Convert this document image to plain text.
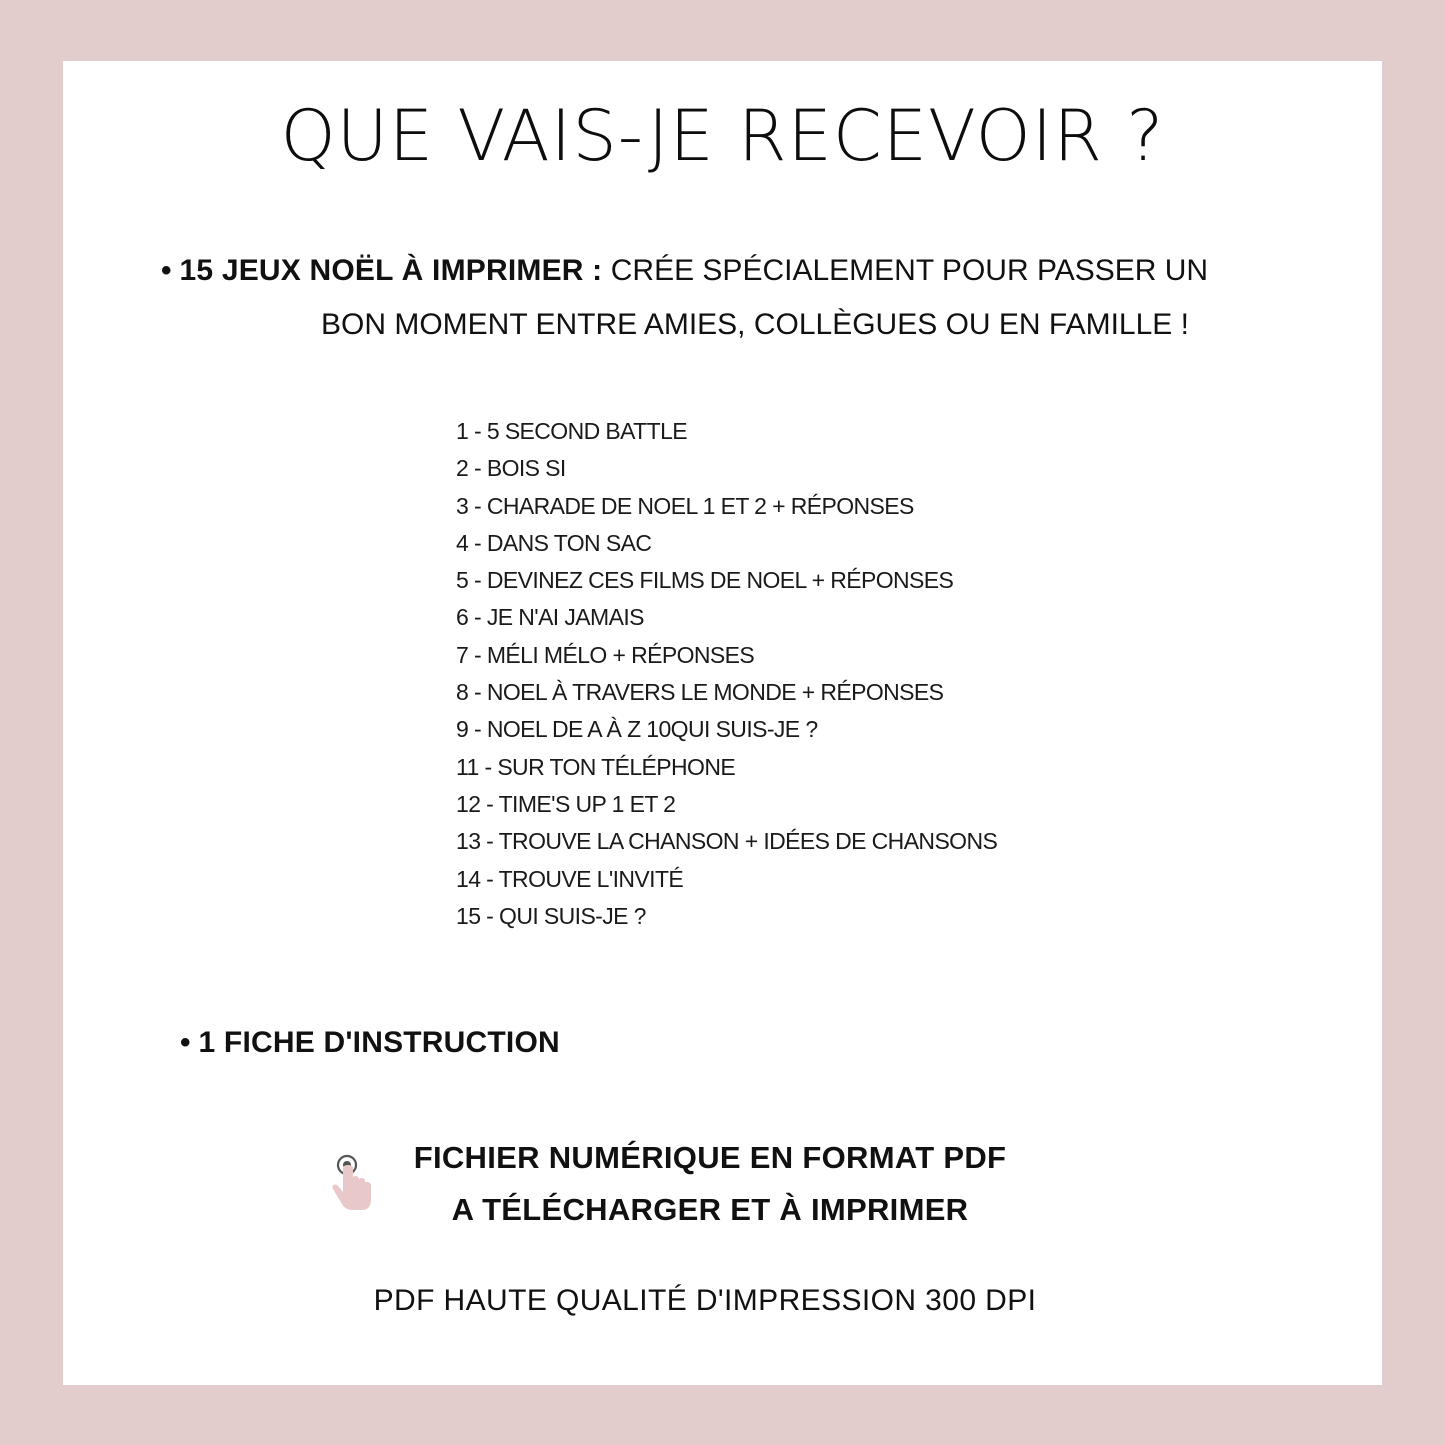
QUE VAIS-JE RECEVOIR ?
• 15 JEUX NOËL À IMPRIMER : CRÉE SPÉCIALEMENT POUR PASSER UN
BON MOMENT ENTRE AMIES, COLLÈGUES OU EN FAMILLE !
1 - 5 SECOND BATTLE
2 - BOIS SI
3 - CHARADE DE NOEL 1 ET 2 + RÉPONSES
4 - DANS TON SAC
5 - DEVINEZ CES FILMS DE NOEL + RÉPONSES
6 - JE N'AI JAMAIS
7 - MÉLI MÉLO + RÉPONSES
8 - NOEL À TRAVERS LE MONDE + RÉPONSES
9 - NOEL DE A À Z 10QUI SUIS-JE ?
11 - SUR TON TÉLÉPHONE
12 - TIME'S UP 1 ET 2
13 - TROUVE LA CHANSON + IDÉES DE CHANSONS
14 - TROUVE L'INVITÉ
15 - QUI SUIS-JE ?
• 1 FICHE D'INSTRUCTION
FICHIER NUMÉRIQUE EN FORMAT PDF
A TÉLÉCHARGER ET À IMPRIMER
PDF HAUTE QUALITÉ D'IMPRESSION 300 DPI
